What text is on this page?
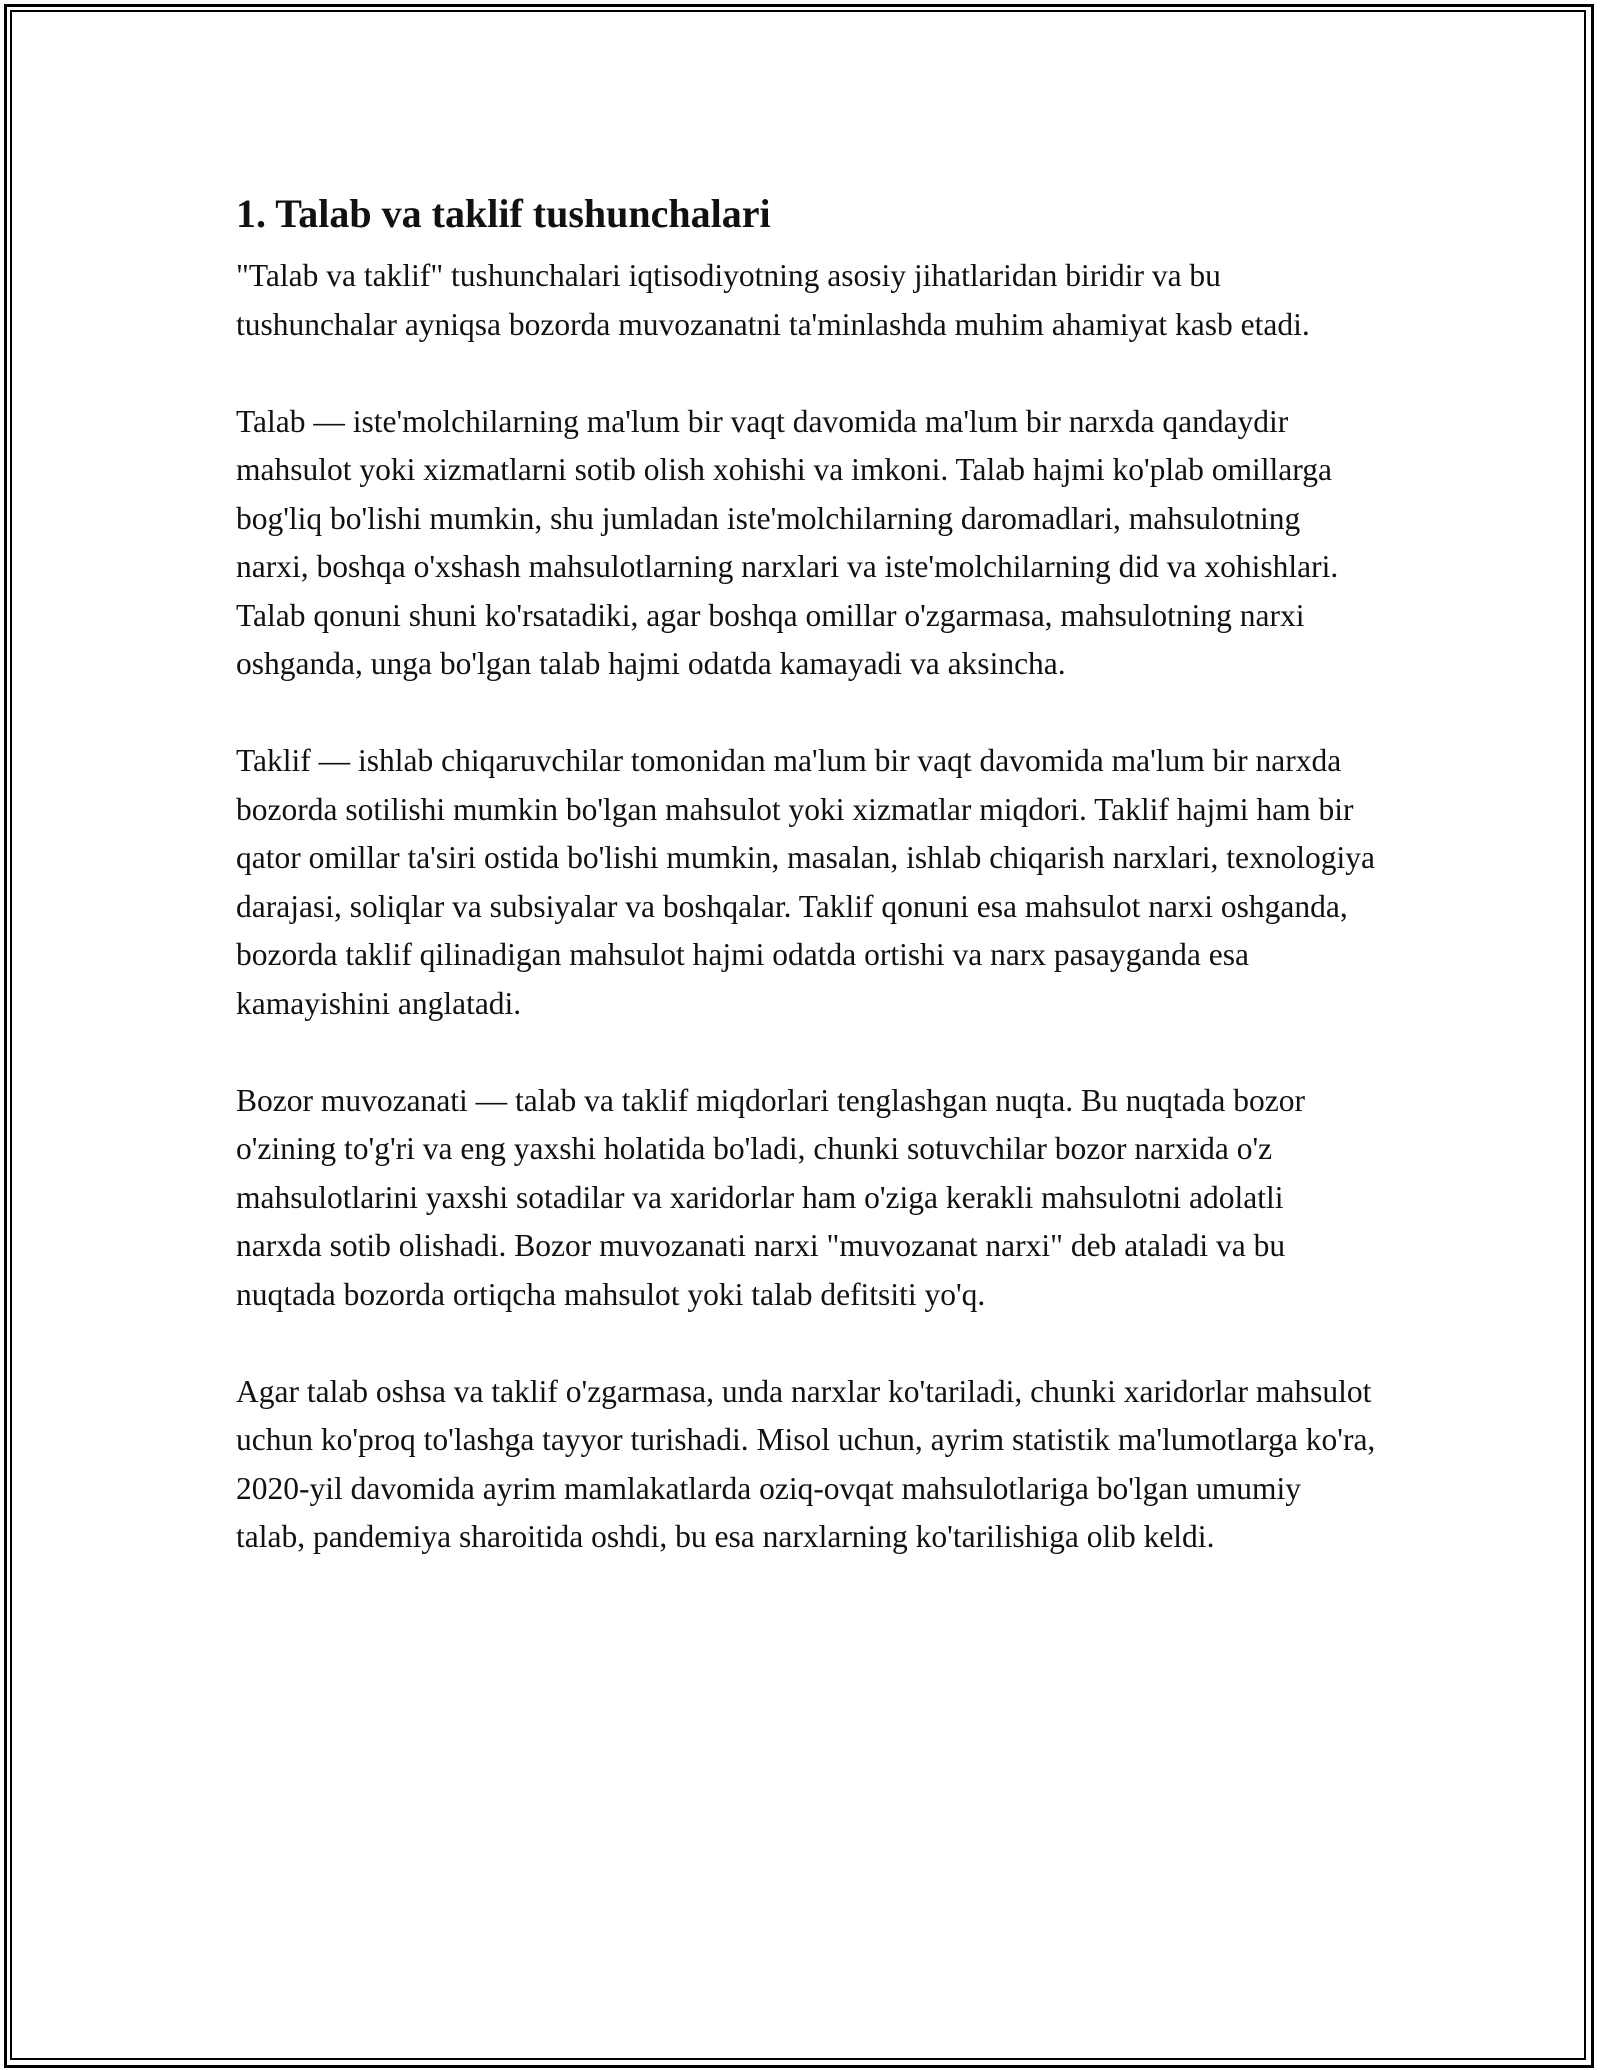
1. Talab va taklif tushunchalari

"Talab va taklif" tushunchalari iqtisodiyotning asosiy jihatlaridan biridir va bu tushunchalar ayniqsa bozorda muvozanatni ta'minlashda muhim ahamiyat kasb etadi.

Talab — iste'molchilarning ma'lum bir vaqt davomida ma'lum bir narxda qandaydir mahsulot yoki xizmatlarni sotib olish xohishi va imkoni. Talab hajmi ko'plab omillarga bog'liq bo'lishi mumkin, shu jumladan iste'molchilarning daromadlari, mahsulotning narxi, boshqa o'xshash mahsulotlarning narxlari va iste'molchilarning did va xohishlari. Talab qonuni shuni ko'rsatadiki, agar boshqa omillar o'zgarmasa, mahsulotning narxi oshganda, unga bo'lgan talab hajmi odatda kamayadi va aksincha.

Taklif — ishlab chiqaruvchilar tomonidan ma'lum bir vaqt davomida ma'lum bir narxda bozorda sotilishi mumkin bo'lgan mahsulot yoki xizmatlar miqdori. Taklif hajmi ham bir qator omillar ta'siri ostida bo'lishi mumkin, masalan, ishlab chiqarish narxlari, texnologiya darajasi, soliqlar va subsiyalar va boshqalar. Taklif qonuni esa mahsulot narxi oshganda, bozorda taklif qilinadigan mahsulot hajmi odatda ortishi va narx pasayganda esa kamayishini anglatadi.

Bozor muvozanati — talab va taklif miqdorlari tenglashgan nuqta. Bu nuqtada bozor o'zining to'g'ri va eng yaxshi holatida bo'ladi, chunki sotuvchilar bozor narxida o'z mahsulotlarini yaxshi sotadilar va xaridorlar ham o'ziga kerakli mahsulotni adolatli narxda sotib olishadi. Bozor muvozanati narxi "muvozanat narxi" deb ataladi va bu nuqtada bozorda ortiqcha mahsulot yoki talab defitsiti yo'q.

Agar talab oshsa va taklif o'zgarmasa, unda narxlar ko'tariladi, chunki xaridorlar mahsulot uchun ko'proq to'lashga tayyor turishadi. Misol uchun, ayrim statistik ma'lumotlarga ko'ra, 2020-yil davomida ayrim mamlakatlarda oziq-ovqat mahsulotlariga bo'lgan umumiy talab, pandemiya sharoitida oshdi, bu esa narxlarning ko'tarilishiga olib keldi.
